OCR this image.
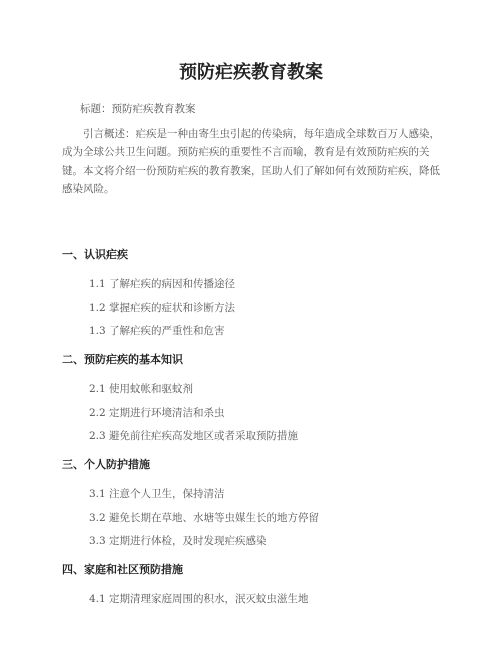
预防疟疾教育教案
标题：预防疟疾教育教案
引言概述：疟疾是一种由寄生虫引起的传染病，每年造成全球数百万人感染，成为全球公共卫生问题。预防疟疾的重要性不言而喻，教育是有效预防疟疾的关键。本文将介绍一份预防疟疾的教育教案，匡助人们了解如何有效预防疟疾，降低感染风险。
一、认识疟疾
1.1 了解疟疾的病因和传播途径
1.2 掌握疟疾的症状和诊断方法
1.3 了解疟疾的严重性和危害
二、预防疟疾的基本知识
2.1 使用蚊帐和驱蚊剂
2.2 定期进行环境清洁和杀虫
2.3 避免前往疟疾高发地区或者采取预防措施
三、个人防护措施
3.1 注意个人卫生，保持清洁
3.2 避免长期在草地、水塘等虫媒生长的地方停留
3.3 定期进行体检，及时发现疟疾感染
四、家庭和社区预防措施
4.1 定期清理家庭周围的积水，泯灭蚊虫滋生地
